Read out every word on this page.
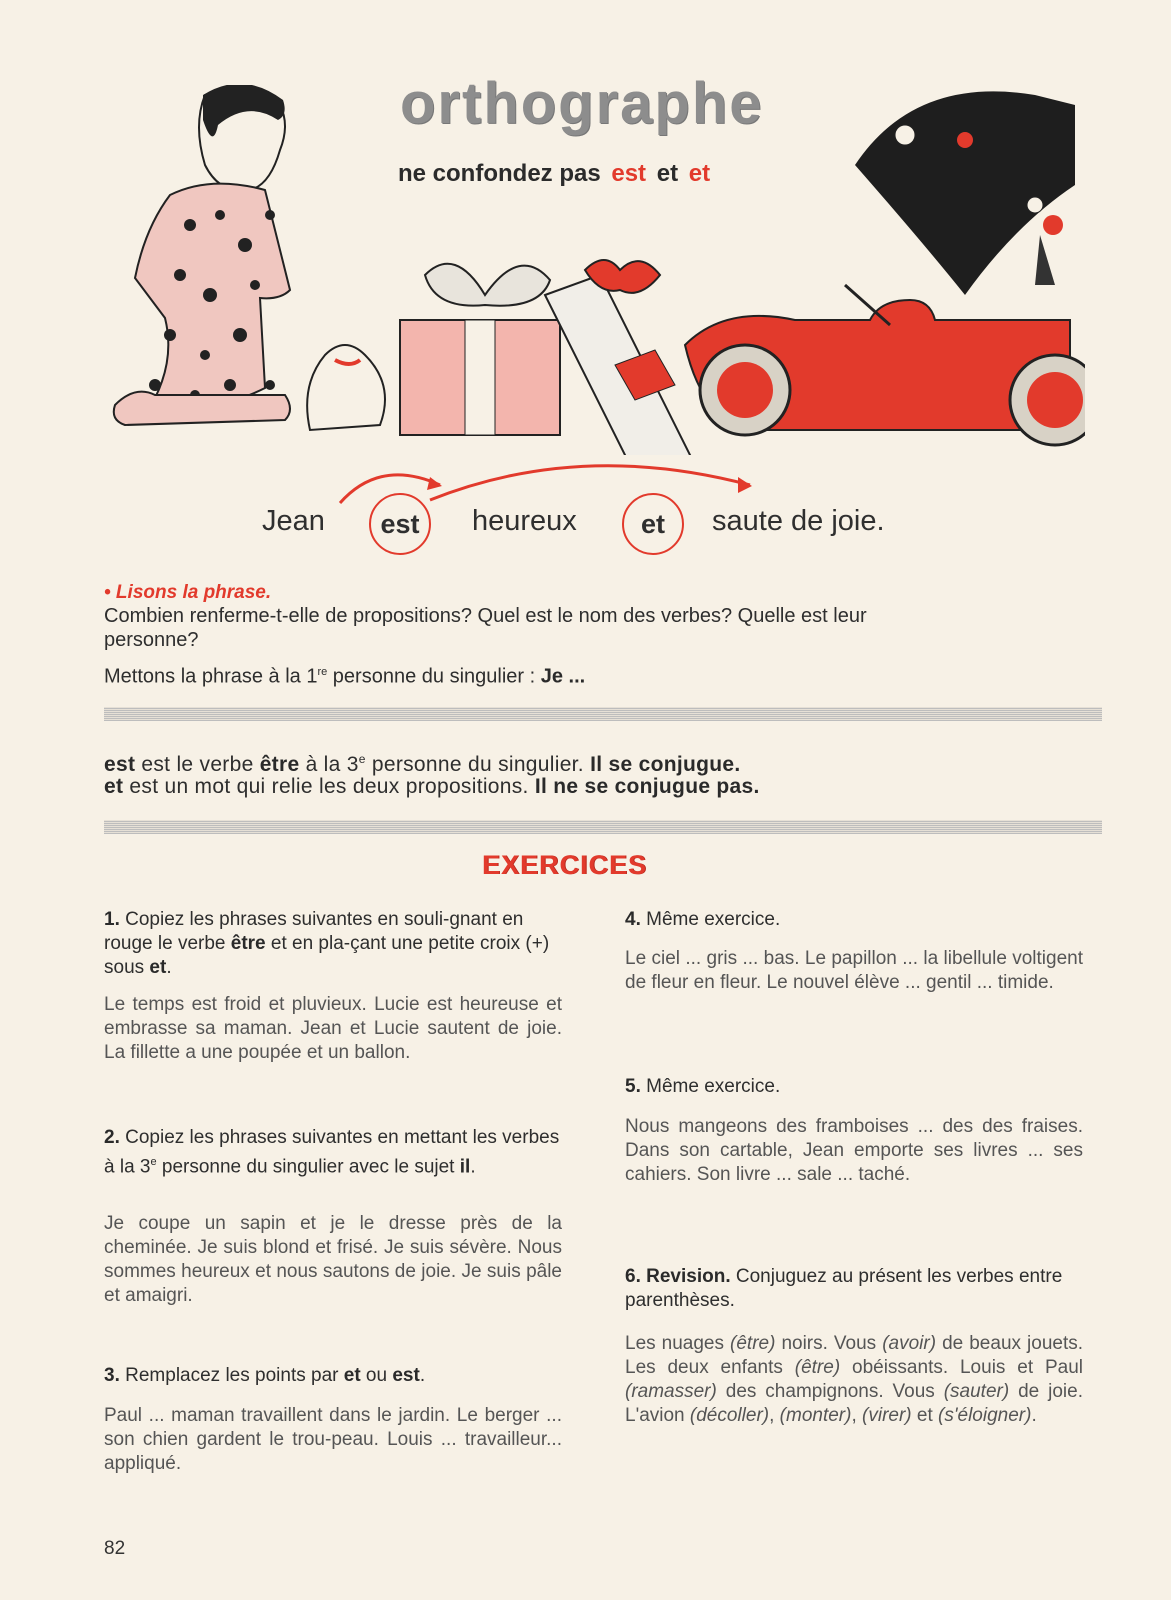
orthographe
ne confondez pas est et et
Jean	est	heureux	et	saute de joie.
• Lisons la phrase.
Combien renferme-t-elle de propositions? Quel est le nom des verbes? Quelle est leur
personne?
Mettons la phrase à la 1re personne du singulier : Je ...
est est le verbe être à la 3e personne du singulier. Il se conjugue.
et est un mot qui relie les deux propositions. Il ne se conjugue pas.
EXERCICES
1. Copiez les phrases suivantes en souli-gnant en rouge le verbe être et en pla-çant une petite croix (+) sous et.
Le temps est froid et pluvieux. Lucie est heureuse et embrasse sa maman. Jean et Lucie sautent de joie. La fillette a une poupée et un ballon.
2. Copiez les phrases suivantes en mettant les verbes à la 3e personne du singulier avec le sujet il.
Je coupe un sapin et je le dresse près de la cheminée. Je suis blond et frisé. Je suis sévère. Nous sommes heureux et nous sautons de joie. Je suis pâle et amaigri.
3. Remplacez les points par et ou est.
Paul ... maman travaillent dans le jardin. Le berger ... son chien gardent le trou-peau. Louis ... travailleur... appliqué.
4. Même exercice.
Le ciel ... gris ... bas. Le papillon ... la libellule voltigent de fleur en fleur. Le nouvel élève ... gentil ... timide.
5. Même exercice.
Nous mangeons des framboises ... des des fraises. Dans son cartable, Jean emporte ses livres ... ses cahiers. Son livre ... sale ... taché.
6. Revision. Conjuguez au présent les verbes entre parenthèses.
Les nuages (être) noirs. Vous (avoir) de beaux jouets. Les deux enfants (être) obéissants. Louis et Paul (ramasser) des champignons. Vous (sauter) de joie. L'avion (décoller), (monter), (virer) et (s'éloigner).
82
